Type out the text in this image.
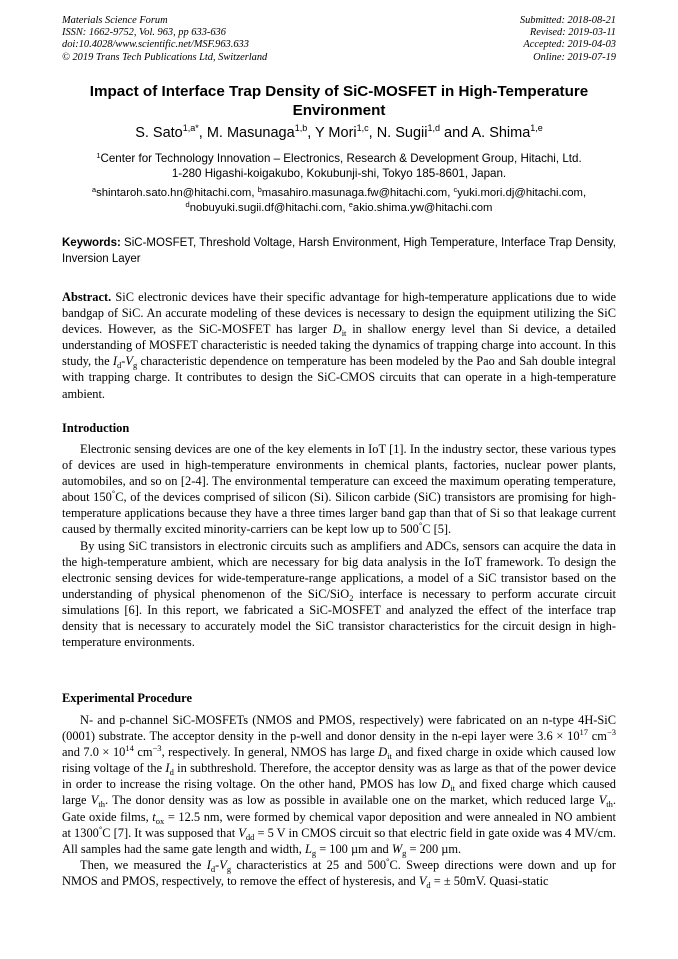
Materials Science Forum
ISSN: 1662-9752, Vol. 963, pp 633-636
doi:10.4028/www.scientific.net/MSF.963.633
© 2019 Trans Tech Publications Ltd, Switzerland
Submitted: 2018-08-21
Revised: 2019-03-11
Accepted: 2019-04-03
Online: 2019-07-19
Impact of Interface Trap Density of SiC-MOSFET in High-Temperature Environment
S. Sato$^{1,a*}$, M. Masunaga$^{1,b}$, Y Mori$^{1,c}$, N. Sugii$^{1,d}$ and A. Shima$^{1,e}$
$^1$Center for Technology Innovation – Electronics, Research & Development Group, Hitachi, Ltd.
1-280 Higashi-koigakubo, Kokubunji-shi, Tokyo 185-8601, Japan.
$^a$shintaroh.sato.hn@hitachi.com, $^b$masahiro.masunaga.fw@hitachi.com, $^c$yuki.mori.dj@hitachi.com,
$^d$nobuyuki.sugii.df@hitachi.com, $^e$akio.shima.yw@hitachi.com
Keywords: SiC-MOSFET, Threshold Voltage, Harsh Environment, High Temperature, Interface Trap Density, Inversion Layer

Abstract. SiC electronic devices have their specific advantage for high-temperature applications due to wide bandgap of SiC. An accurate modeling of these devices is necessary to design the equipment utilizing the SiC devices. However, as the SiC-MOSFET has larger $D_{it}$ in shallow energy level than Si device, a detailed understanding of MOSFET characteristic is needed taking the dynamics of trapping charge into account. In this study, the $I_d-V_g$ characteristic dependence on temperature has been modeled by the Pao and Sah double integral with trapping charge. It contributes to design the SiC-CMOS circuits that can operate in a high-temperature ambient.

Introduction

Electronic sensing devices are one of the key elements in IoT [1]. In the industry sector, these various types of devices are used in high-temperature environments in chemical plants, factories, nuclear power plants, automobiles, and so on [2-4]. The environmental temperature can exceed the maximum operating temperature, about 150°C, of the devices comprised of silicon (Si). Silicon carbide (SiC) transistors are promising for high-temperature applications because they have a three times larger band gap than that of Si so that leakage current caused by thermally excited minority-carriers can be kept low up to 500°C [5].

By using SiC transistors in electronic circuits such as amplifiers and ADCs, sensors can acquire the data in the high-temperature ambient, which are necessary for big data analysis in the IoT framework. To design the electronic sensing devices for wide-temperature-range applications, a model of a SiC transistor based on the understanding of physical phenomenon of the SiC/SiO$_2$ interface is necessary to perform accurate circuit simulations [6]. In this report, we fabricated a SiC-MOSFET and analyzed the effect of the interface trap density that is necessary to accurately model the SiC transistor characteristics for the circuit design in high-temperature environments.

Experimental Procedure

N- and p-channel SiC-MOSFETs (NMOS and PMOS, respectively) were fabricated on an n-type 4H-SiC (0001) substrate. The acceptor density in the p-well and donor density in the n-epi layer were $3.6 \times 10^{17}$ $cm^{-3}$ and $7.0 \times 10^{14}$ $cm^{-3}$, respectively. In general, NMOS has large $D_{it}$ and fixed charge in oxide which caused low rising voltage of the $I_d$ in subthreshold. Therefore, the acceptor density was as large as that of the power device in order to increase the rising voltage. On the other hand, PMOS has low $D_{it}$ and fixed charge which caused large $V_{th}$. The donor density was as low as possible in available one on the market, which reduced large $V_{th}$. Gate oxide films, $t_{ox} = 12.5$ nm, were formed by chemical vapor deposition and were annealed in NO ambient at 1300°C [7]. It was supposed that $V_{dd} = 5$ V in CMOS circuit so that electric field in gate oxide was 4 MV/cm. All samples had the same gate length and width, $L_g = 100$ µm and $W_g = 200$ µm.

Then, we measured the $I_d-V_g$ characteristics at 25 and 500°C. Sweep directions were down and up for NMOS and PMOS, respectively, to remove the effect of hysteresis, and $V_d$ = ± 50mV. Quasi-static
